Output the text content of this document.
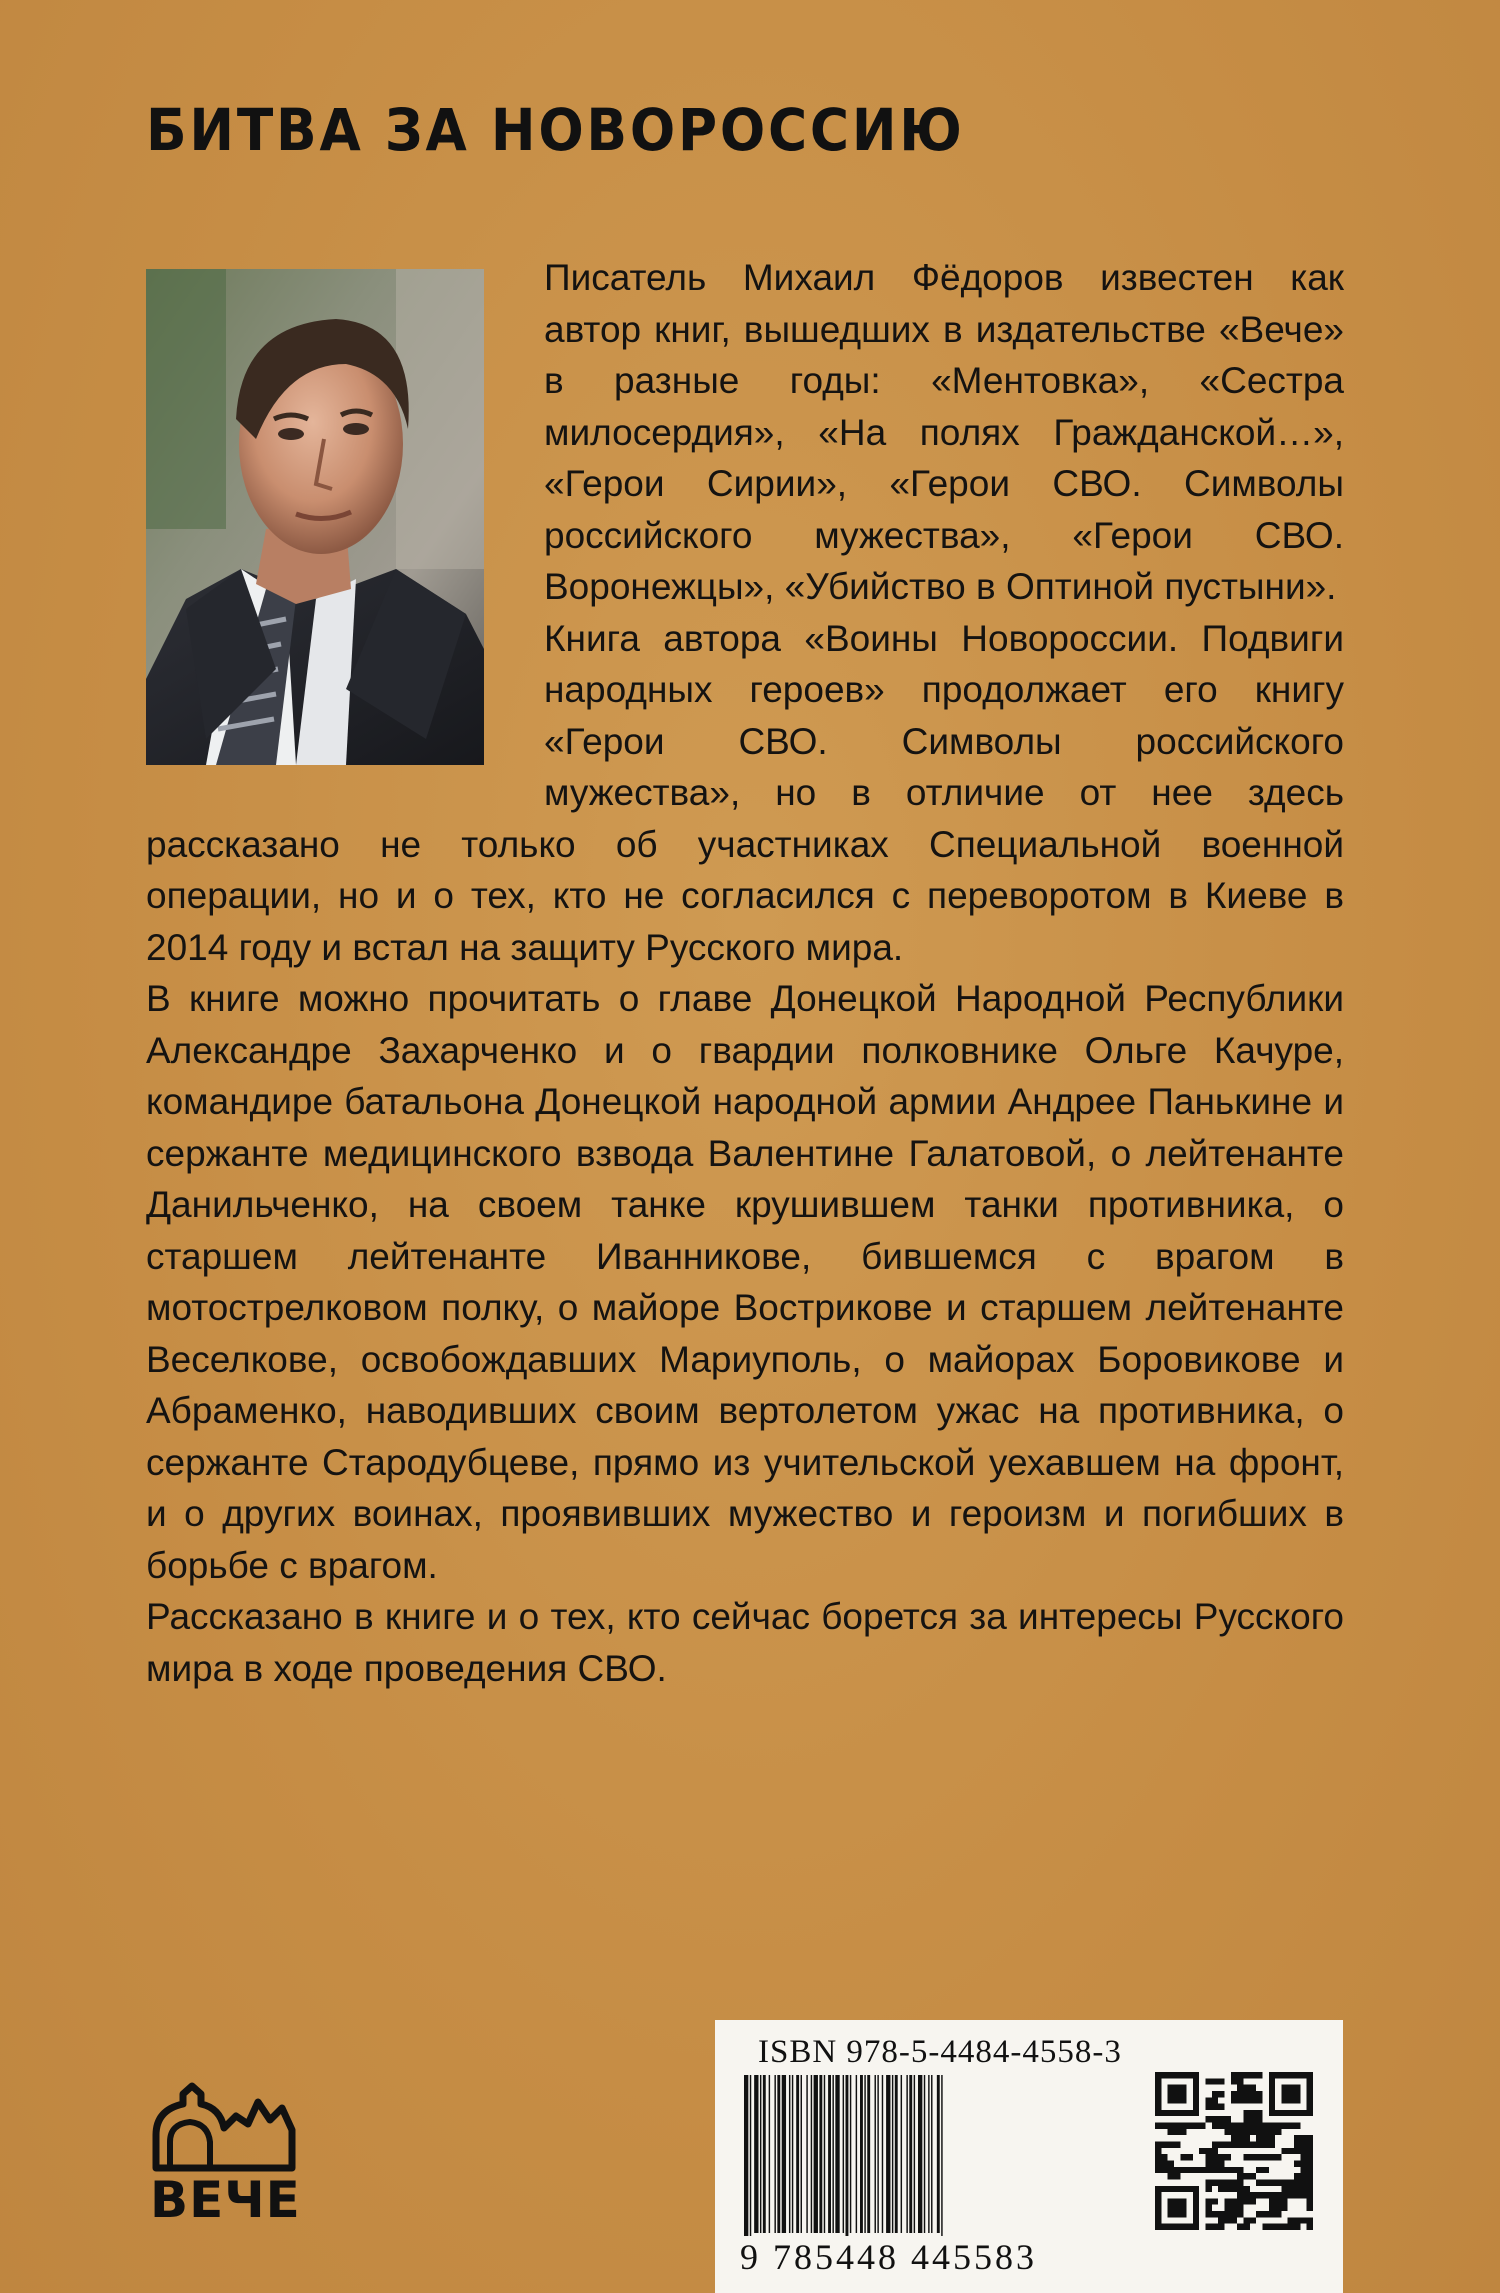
БИТВА ЗА НОВОРОССИЮ

Писатель Михаил Фёдоров известен как автор книг, вышедших в издательстве «Вече» в разные годы: «Ментовка», «Сестра милосердия», «На полях Гражданской…», «Герои Сирии», «Герои СВО. Символы российского мужества», «Герои СВО. Воронежцы», «Убийство в Оптиной пустыни».

Книга автора «Воины Новороссии. Подвиги народных героев» продолжает его книгу «Герои СВО. Символы российского мужества», но в отличие от нее здесь рассказано не только об участниках Специальной военной операции, но и о тех, кто не согласился с переворотом в Киеве в 2014 году и встал на защиту Русского мира.

В книге можно прочитать о главе Донецкой Народной Республики Александре Захарченко и о гвардии полковнике Ольге Качуре, командире батальона Донецкой народной армии Андрее Панькине и сержанте медицинского взвода Валентине Галатовой, о лейтенанте Данильченко, на своем танке крушившем танки противника, о старшем лейтенанте Иванникове, бившемся с врагом в мотострелковом полку, о майоре Вострикове и старшем лейтенанте Веселкове, освобождавших Мариуполь, о майорах Боровикове и Абраменко, наводивших своим вертолетом ужас на противника, о сержанте Стародубцеве, прямо из учительской уехавшем на фронт, и о других воинах, проявивших мужество и героизм и погибших в борьбе с врагом.

Рассказано в книге и о тех, кто сейчас борется за интересы Русского мира в ходе проведения СВО.

ВЕЧЕ
ISBN 978-5-4484-4558-3
9 785448 445583
